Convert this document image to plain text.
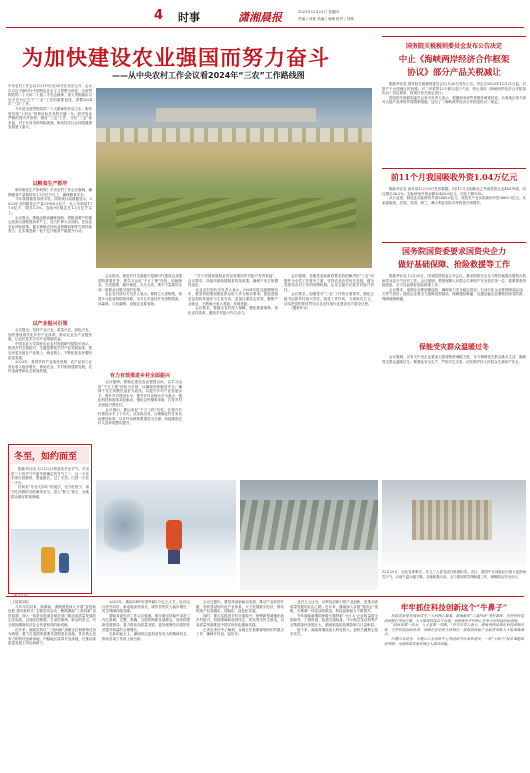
4 时事	潇湘晨报	2023年12月21日 星期四
责编 / 刘赛 美编 / 周珊 校对 / 刘燕
为加快建设农业强国而努力奋斗
——从中央农村工作会议看2024年“三农”工作路线图
中央农村工作会议12月19日至20日在北京召开，会议以习近平新时代中国特色社会主义思想为指导，全面贯彻党的二十大和二十届二中全会精神，深入贯彻落实习近平总书记关于“三农”工作的重要论述，部署2024年“三农”工作。
　　今年是全面贯彻党的二十大精神的开局之年，明年是实现“十四五”规划目标任务的关键一年。面对复杂严峻的国内外形势，做好“三农”工作，守好“三农”基本盘，对于应对各种风险挑战、推动经济社会持续健康发展意义重大。
以粮食生产抓牢
　　明年粮食生产如何抓？中央农村工作会议强调，确保粮食产量保持在1.3万亿斤以上，确保粮食安全。
　　今年我国粮食再获丰收。国家统计局数据显示，2023年全国粮食总产量13908.2亿斤，比上年增加177.6亿斤，增长1.3%，连续9年稳定在1.3万亿斤以上。
　　会议提出，要稳定粮食播种面积，把粮食增产的重心放到大面积提高单产上，加力扩种大豆油料。在优化农业补贴政策，健全种粮农民收益保障机制等方面持续发力，扎实推进新一轮千亿斤粮食产能提升行动。
以产业振兴引领
　　会议提出，坚持产业兴农、质量兴农、绿色兴农，加快建设现代化乡村产业体系，推动农业全产业链发展，让农民更多分享产业增值收益。
　　中国农业大学国家农业农村发展研究院院长表示，推进乡村全面振兴，关键是要把乡村产业发展起来，把农民更多留在产业链上、就业链上，不断拓宽农民增收致富渠道。
　　2023年，我国乡村产业加快发展，农产品加工业营业收入稳步增长，休闲农业、乡村旅游蓬勃发展，农村电商等新业态快速发展。
　　会议指出，推进乡村全面振兴是新时代建设农业强国的重要任务，要学习运用“千万工程”经验，因地制宜、分类施策，循序渐进、久久为功，集中力量抓好办成一批群众可感可及的实事。
　　农业农村部有关负责人表示，要树立大食物观，构建多元化食物供给体系，全方位多途径开发食物资源，向森林、江河湖海、设施农业要食物。
有力有效推进乡村全面振兴
　　会议强调，要锚定建设农业强国目标，以学习运用“千万工程”经验为引领，以确保国家粮食安全、确保不发生规模性返贫为底线，以提升乡村产业发展水平、提升乡村建设水平、提升乡村治理水平为重点，强化科技和改革双轮驱动，强化农民增收举措，打好乡村全面振兴漂亮仗。
　　会议指出，要运用好“千万工程”经验，在提升乡村建设水平上下功夫。从实际出发，合理确定村庄布局和建设标准，以乡村治理体系建设为支撑，持续推进农村人居环境整治提升。
　　“关于巩固拓展脱贫攻坚成果同乡村振兴有效衔接”，会议要求，持续巩固拓展脱贫攻坚成果，确保不发生规模性返贫。
　　农业农村部有关负责人表示，2024年是过渡期第四年，要坚持把增加脱贫群众收入作为根本要求，把促进脱贫县加快发展作为主攻方向，更加注重扶志扶智，聚焦产业就业，不断缩小收入差距、发展差距。
　　会议要求，要健全农村投入保障，强化要素保障，深化农村改革，激发乡村振兴内生动力。
　　会议强调，各级党委和政府要坚持把解决好“三农”问题作为全党工作重中之重，坚持农业农村优先发展，健全党领导农村工作的体制机制，压实五级书记抓乡村振兴责任。
　　会议要求，加强党对“三农”工作的全面领导，强化五级书记抓乡村振兴责任，改进工作作风，力戒形式主义，切实把党的领导贯穿农业农村现代化建设各方面全过程。
　　（据新华社）
国务院关税税则委员会发布公告决定
中止《海峡两岸经济合作框架
协议》部分产品关税减让
　　据新华社电 国务院关税税则委员会12月20日发布公告，决定自2023年12月21日起，对原产于台湾地区的丙烯、对二甲苯等12个税目进口产品，停止适用《海峡两岸经济合作框架协议》协定税率，按现行有关规定执行。
　　国务院关税税则委员会有关负责人表示，根据商务部贸易壁垒调查结论，台湾地区单方面对大陆产品采取贸易限制措施，违反了《海峡两岸经济合作框架协议》规定。
前11个月我国吸收外资1.04万亿元
　　据新华社电 商务部12月20日发布数据，1至11月全国新设立外商投资企业48078家，同比增长36.2%；实际使用外资金额10420.6亿元，同比下降10%。
　　从行业看，制造业实际使用外资2849.6亿元，高技术产业实际使用外资3869.3亿元。从来源地看，法国、英国、荷兰、澳大利亚实际对华投资分别增长。
国务院国资委要求国资央企力
做好基础保障、抢险救援等工作
　　据新华社电 12月20日，国务院国资委召开会议，要求国资央企全力做好地震抗震救灾和雨雪冰冻天气应对工作。会议强调，要把保障人民群众生命财产安全放在第一位，抓紧排查风险隐患，全力以赴做好抢险救援工作。
　　会议要求，电网企业要加强巡检，确保电力安全稳定供应；石油石化企业要保障成品油、天然气供应；通信企业要全力抢修受损基站，保障通信畅通；交通运输企业要做好除雪防滑，保障道路畅通。
保能受灾群众温暖过冬
　　会议强调，各有关中央企业要加大救援物资调配力度，全力保障受灾群众基本生活，确保受灾群众温暖过冬。要强化安全生产，严防次生灾害，切实维护好人民群众生命财产安全。
12月20日，河北省邯郸市，环卫工人冒雪清扫路面积雪。近日，我国中东部地区出现大范围雨雪天气，多地气温大幅下降。各地积极行动，全力做好除雪保畅通工作，保障群众安全出行。
冬至，如约而至
　　据新华社电 12月22日将迎来冬至节气。冬至是二十四节气中最早被确定的节气之一，这一天北半球白昼最短、黑夜最长，过了冬至，白昼一天比一天长。
　　民间有“冬至大如年”的说法，北方吃饺子、南方吃汤圆的习俗流传至今。进入“数九”寒天，各地群众做好防寒保暖。
（新华社发）
（上接第1版）
　　今年年初以来，新湖南、潇湘晨报深入开展“奋进新征程 建功新时代”主题宣传活动，聚焦湖南“三高四新”美好蓝图，深入一线采访报道各地各部门推动高质量发展的生动实践，以翔实的数据、生动的事例、鲜活的语言，充分展现湖南经济社会发展取得的新成就。
　　近年来，湖南坚持以“三高四新”战略定位和使命任务为统领，着力打造国家重要先进制造业高地、具有核心竞争力的科技创新高地、内陆地区改革开放高地，在推动高质量发展上闯出新路子。
　　2023年，湖南GDP有望突破5万亿元大关，经济运行回升向好，新动能加快成长，城乡居民收入稳步增长，民生保障持续加强。
　　湖南省委经济工作会议强调，明年要坚持稳中求进工作总基调，完整、准确、全面贯彻新发展理念，加快构建新发展格局，着力推动高质量发展，更好统筹经济质的有效提升和量的合理增长。
　　在新的起点上，湖南将以更加奋发有为的精神状态，推动各项工作再上新台阶。
　　会议还提出，要坚持创新驱动发展，推动产业转型升级，加快建设现代化产业体系，大力发展数字经济，推动传统产业高端化、智能化、绿色化发展。
　　同时，要扎实推进乡村全面振兴，统筹新型城镇化和乡村振兴，持续保障和改善民生，切实兜牢民生底线，以高质量发展推进中国式现代化湖南实践。
　　记者在采访中了解到，各地正在抓紧谋划明年的重点工作，确保开好局、起好步。
　　业内人士认为，以科技创新引领产业创新，是推动高质量发展的必由之路。近年来，湖南深入实施“强省会”战略，长株潭一体化加快推进，科技创新能力不断提升。
　　今年湖南新增国家级专精特新“小巨人”企业数量居全国前列，工程机械、轨道交通装备、中小航空发动机等产业集群加快发展壮大，湖南制造的品牌影响力日益彰显。
　　接下来，湖南将继续加大科技投入，加快关键核心技术攻关。
牢牢抓住科技创新这个“牛鼻子”
　　科技创新是发展新质生产力的核心要素。湖南聚焦“三高四新”美好蓝图，坚持把科技创新摆在突出位置，大力推进科技自立自强，加快建设具有核心竞争力的科技创新高地。
　　“创新是第一动力，人才是第一资源。”有关负责人表示，湖南将持续深化科技体制改革，完善科技创新体系，加强企业创新主体地位，促进创新链产业链资金链人才链深度融合。
　　岳麓山实验室、岳麓山工业创新中心等创新平台加快建设，一批“卡脖子”技术难题取得突破，为湖南高质量发展注入强劲动能。
